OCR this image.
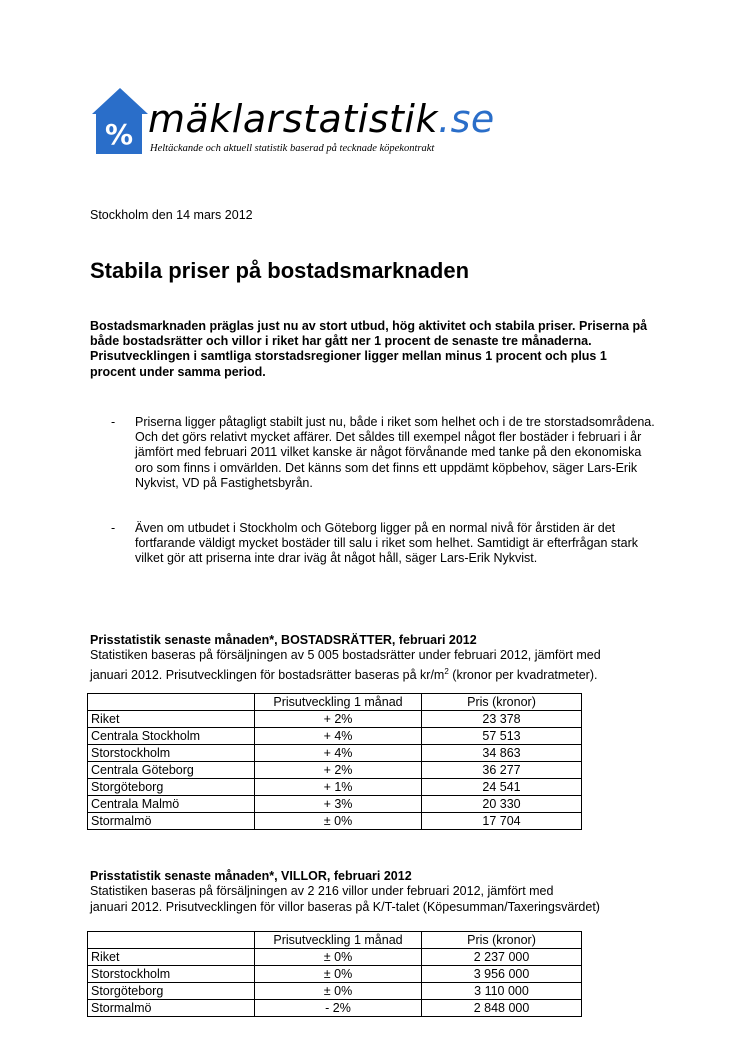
% mäklarstatistik.se
Heltäckande och aktuell statistik baserad på tecknade köpekontrakt
Stockholm den 14 mars 2012
Stabila priser på bostadsmarknaden

Bostadsmarknaden präglas just nu av stort utbud, hög aktivitet och stabila priser. Priserna på både bostadsrätter och villor i riket har gått ner 1 procent de senaste tre månaderna. Prisutvecklingen i samtliga storstadsregioner ligger mellan minus 1 procent och plus 1 procent under samma period.

- Priserna ligger påtagligt stabilt just nu, både i riket som helhet och i de tre storstadsområdena. Och det görs relativt mycket affärer. Det såldes till exempel något fler bostäder i februari i år jämfört med februari 2011 vilket kanske är något förvånande med tanke på den ekonomiska oro som finns i omvärlden. Det känns som det finns ett uppdämt köpbehov, säger Lars-Erik Nykvist, VD på Fastighetsbyrån.
- Även om utbudet i Stockholm och Göteborg ligger på en normal nivå för årstiden är det fortfarande väldigt mycket bostäder till salu i riket som helhet. Samtidigt är efterfrågan stark vilket gör att priserna inte drar iväg åt något håll, säger Lars-Erik Nykvist.
Prisstatistik senaste månaden*, BOSTADSRÄTTER, februari 2012
Statistiken baseras på försäljningen av 5 005 bostadsrätter under februari 2012, jämfört med
januari 2012. Prisutvecklingen för bostadsrätter baseras på $kr/m^2$ (kronor per kvadratmeter).
	Prisutveckling 1 månad	Pris (kronor)
Riket	+ 2%	23 378
Centrala Stockholm	+ 4%	57 513
Storstockholm	+ 4%	34 863
Centrala Göteborg	+ 2%	36 277
Storgöteborg	+ 1%	24 541
Centrala Malmö	+ 3%	20 330
Stormalmö	± 0%	17 704
Prisstatistik senaste månaden*, VILLOR, februari 2012
Statistiken baseras på försäljningen av 2 216 villor under februari 2012, jämfört med
januari 2012. Prisutvecklingen för villor baseras på K/T-talet (Köpesumman/Taxeringsvärdet)
	Prisutveckling 1 månad	Pris (kronor)
Riket	± 0%	2 237 000
Storstockholm	± 0%	3 956 000
Storgöteborg	± 0%	3 110 000
Stormalmö	- 2%	2 848 000
